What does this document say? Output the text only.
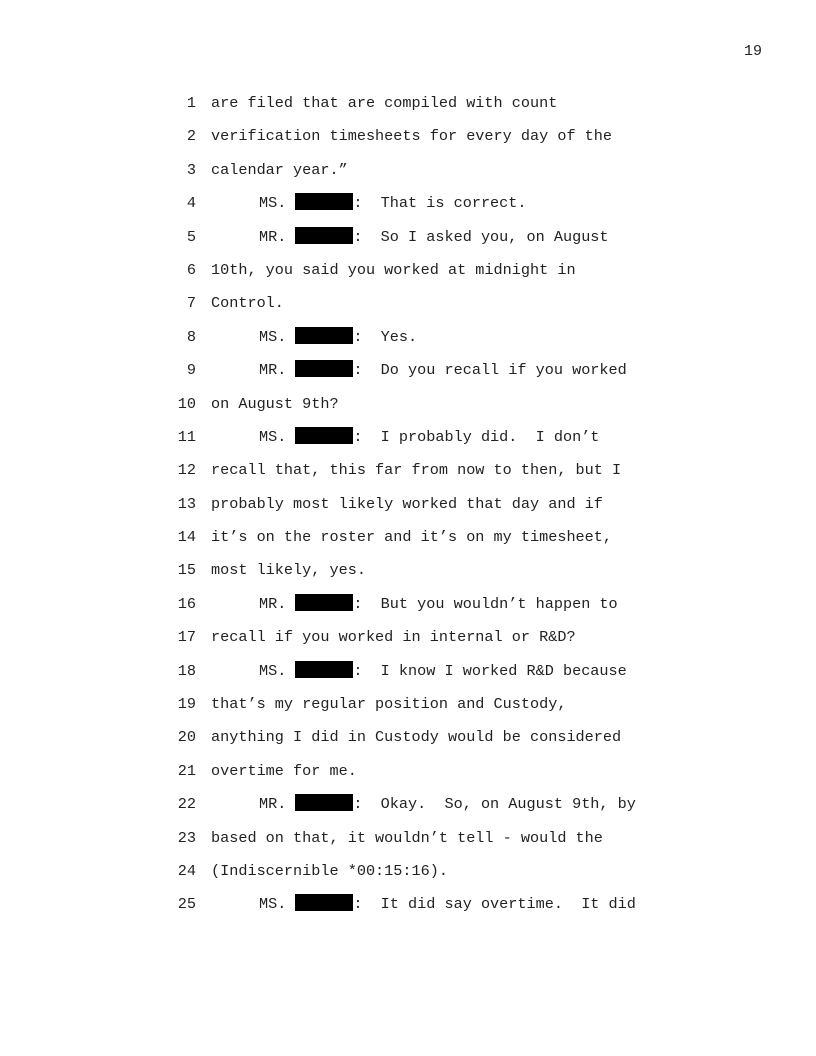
19
1 are filed that are compiled with count
2 verification timesheets for every day of the
3 calendar year.”
4	MS.	:  That is correct.
5	MR.	:  So I asked you, on August
6 10th, you said you worked at midnight in
7 Control.
8	MS.	:  Yes.
9	MR.	:  Do you recall if you worked
10 on August 9th?
11	MS.	:  I probably did.  I don’t
12 recall that, this far from now to then, but I
13 probably most likely worked that day and if
14 it’s on the roster and it’s on my timesheet,
15 most likely, yes.
16	MR.	:  But you wouldn’t happen to
17 recall if you worked in internal or R&D?
18	MS.	:  I know I worked R&D because
19 that’s my regular position and Custody,
20 anything I did in Custody would be considered
21 overtime for me.
22	MR.	:  Okay.  So, on August 9th, by
23 based on that, it wouldn’t tell - would the
24 (Indiscernible *00:15:16).
25	MS.	:  It did say overtime.  It did
